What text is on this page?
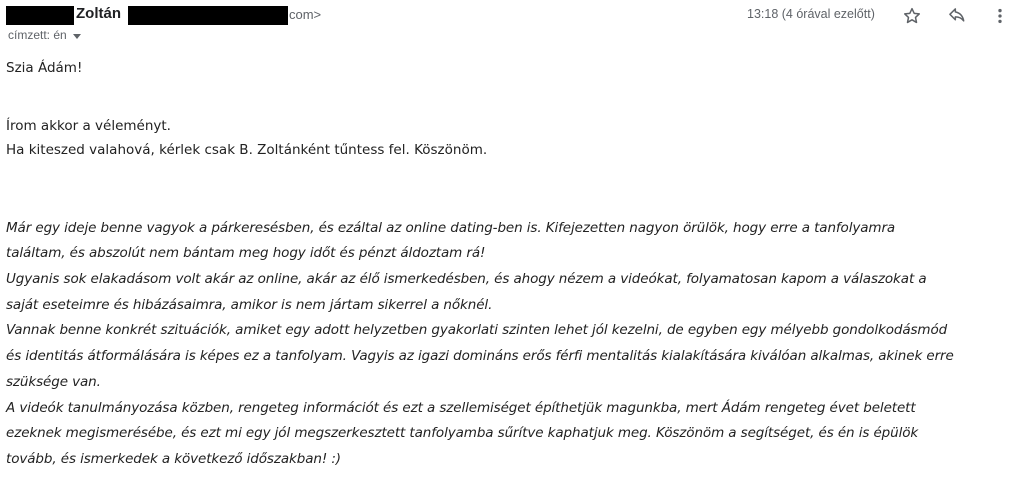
Zoltán	com>
címzett: én
13:18 (4 órával ezelőtt)
Szia Ádám!
Írom akkor a véleményt.
Ha kiteszed valahová, kérlek csak B. Zoltánként tűntess fel. Köszönöm.
Már egy ideje benne vagyok a párkeresésben, és ezáltal az online dating-ben is. Kifejezetten nagyon örülök, hogy erre a tanfolyamra
találtam, és abszolút nem bántam meg hogy időt és pénzt áldoztam rá!
Ugyanis sok elakadásom volt akár az online, akár az élő ismerkedésben, és ahogy nézem a videókat, folyamatosan kapom a válaszokat a
saját eseteimre és hibázásaimra, amikor is nem jártam sikerrel a nőknél.
Vannak benne konkrét szituációk, amiket egy adott helyzetben gyakorlati szinten lehet jól kezelni, de egyben egy mélyebb gondolkodásmód
és identitás átformálására is képes ez a tanfolyam. Vagyis az igazi domináns erős férfi mentalitás kialakítására kiválóan alkalmas, akinek erre
szüksége van.
A videók tanulmányozása közben, rengeteg információt és ezt a szellemiséget építhetjük magunkba, mert Ádám rengeteg évet beletett
ezeknek megismerésébe, és ezt mi egy jól megszerkesztett tanfolyamba sűrítve kaphatjuk meg. Köszönöm a segítséget, és én is épülök
tovább, és ismerkedek a következő időszakban! :)
